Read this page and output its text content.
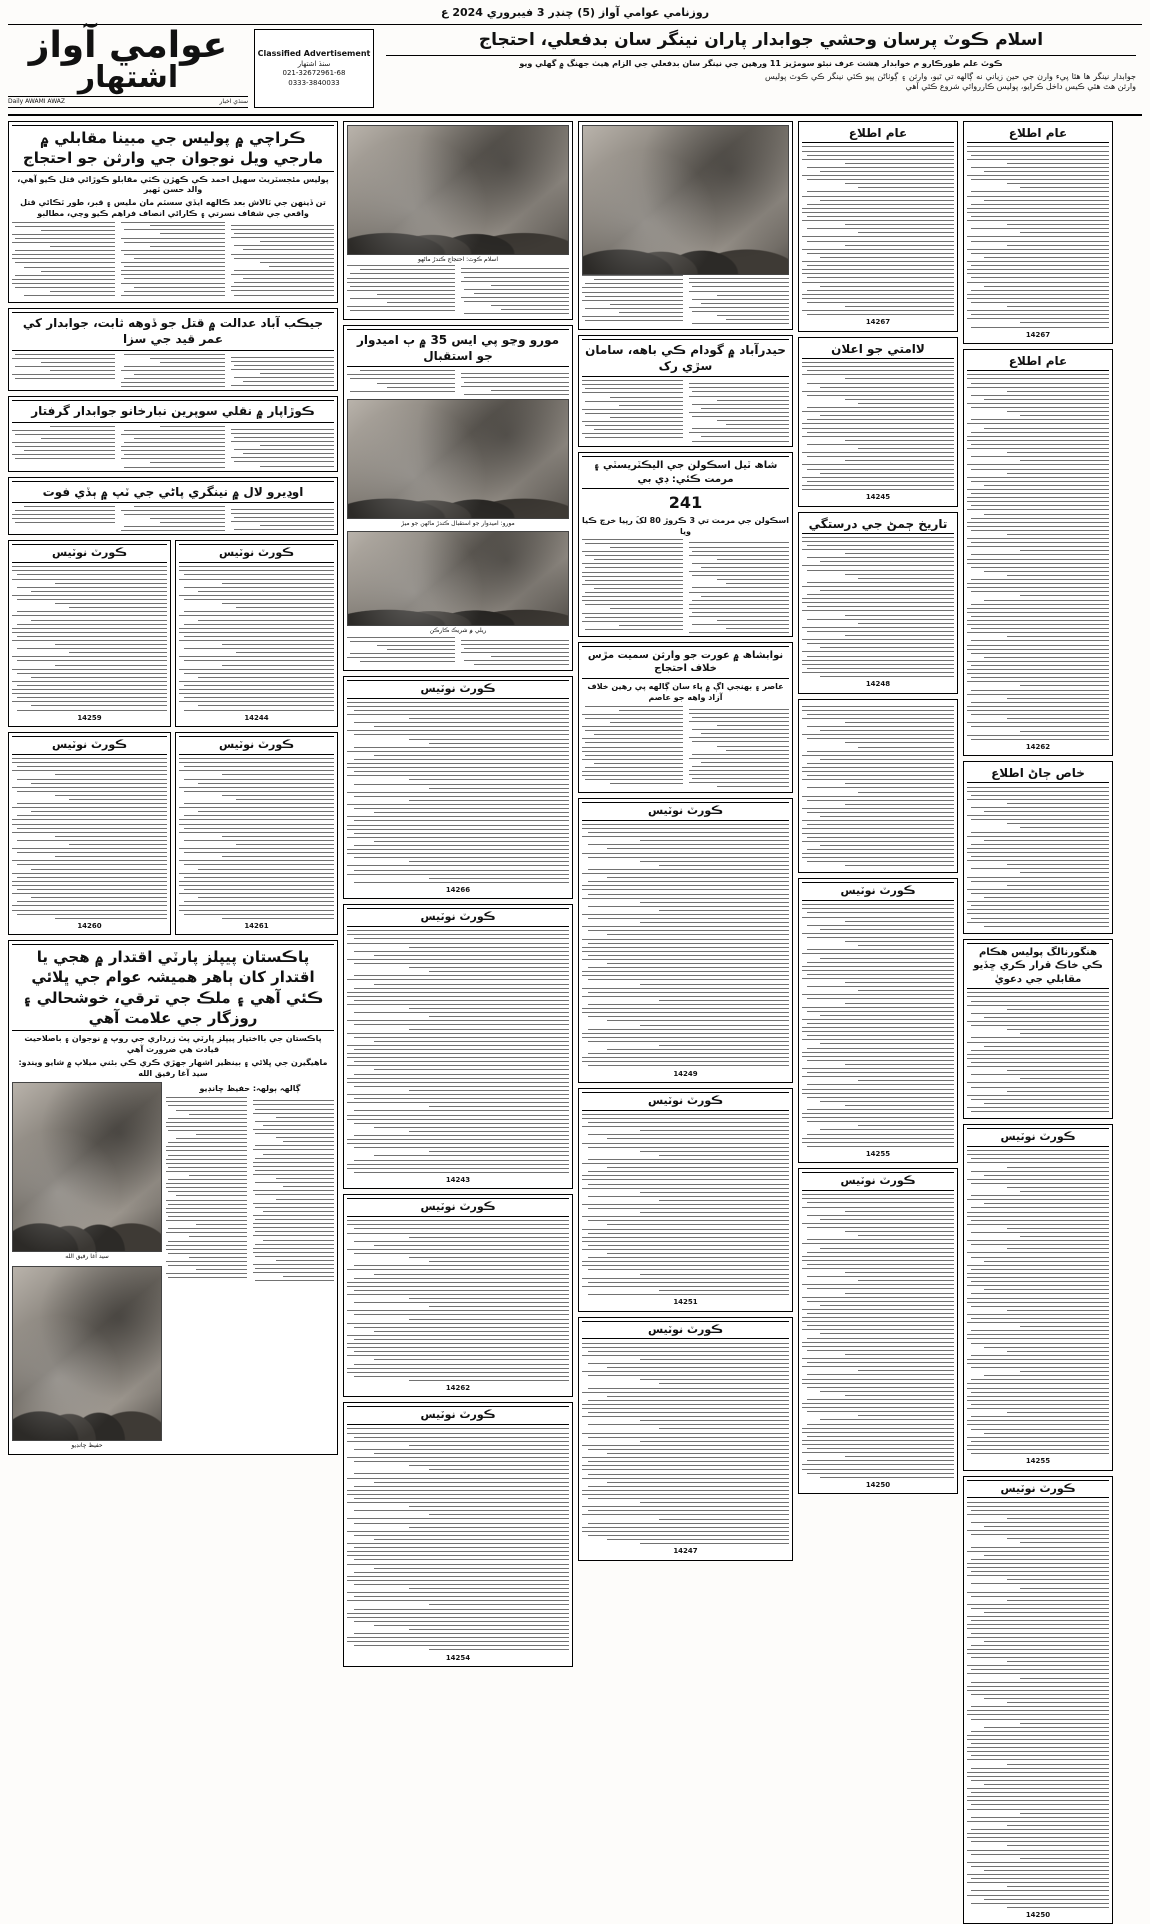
روزنامي عوامي آواز (5) چنڊر 3 فيبروري 2024 ع
عوامي آواز
اشتهار
Daily AWAMI AWAZ	سنڌي اخبار
Classified Advertisement
سنڌ اشتهار
021-32672961-68
0333-3840033
اسلام ڪوٽ پرسان وحشي جوابدار پاران نينگر سان بدفعلي، احتجاج
ڪوٽ علم طورڪارو م خوابدار هشت عرف نبئو سومڙيز 11 ورهين جي نينگر سان بدفعلي جي الزام هيٺ جهنگ ۾ گهلي ويو
جوابدار نينگر ها هئا پيء وارن جي حين زياني نه ڳالهه تي ٿيو، وارثن ۽ ڳوٺاڻن پيو ڪئي نينگر ڪي ڪوٽ پوليس وارثن هٿ هئي ڪيس داخل ڪرايو، پوليس ڪارروائي شروع ڪئي آهي
ڪراچي ۾ پوليس جي مبينا مقابلي ۾ مارجي ويل نوجوان جي وارثن جو احتجاج
پوليس مئجسٽريٽ سهيل احمد ڪي ڪهڙن ڪٽي مقابلو ڪوڙائي قتل ڪيو آهي، والد حسن ٽهير
تن ڏينهن جي ٽالاش بعد ڪالهه ايڏي سسٽم مان مليس ۽ قبر، طور ٽڪائي قتل واقعي جي شفاف نسرتي ۽ ڪارائي انصاف فراهم ڪيو وڃي، مطالبو
جيڪب آباد عدالت ۾ قتل جو ڏوهه ثابت، جوابدار کي عمر قيد جي سزا
ڪوڙاپار ۾ نقلي سوپرين نبارخانو جوابدار گرفتار
اوڍيرو لال ۾ نينگري پاڻي جي ٽپ ۾ ٻڏي فوت
ڪورٽ نوٽيس
14259
ڪورٽ نوٽيس
14244
ڪورٽ نوٽيس
14260
ڪورٽ نوٽيس
14261
پاڪستان پيپلز پارٽي اقتدار ۾ هجي يا اقتدار کان ٻاهر هميشہ عوام جي ڀلائي ڪئي آهي ۽ ملڪ جي ترقي، خوشحالي ۽ روزگار جي علامت آهي
پاڪستان جي بااختيار پيپلز پارٽي پٽ زرداري جي روپ ۾ نوجوان ۽ باصلاحيت قيادت هي ضرورت آهي
ماهيگيرن جي ڀلائي ۽ بينظير اشهار جهڙي ڪري ڪي بئني ميلاپ ۾ شايو ويندو: سيد آغا رفيق الله
سيد آغا رفيق الله
حفيظ چانڊيو
ڳالهہ ٻولهہ: حفيظ چانڊيو
اسلام ڪوٽ: احتجاج ڪندڙ ماڻهو
مورو وڃو پي ايس 35 ۾ ٻ اميدوار جو استقبال
مورو: اميدوار جو استقبال ڪندڙ ماڻهن جو ميڙ
ريلي ۾ شريڪ ڪارڪن
ڪورٽ نوٽيس
14266
ڪورٽ نوٽيس
14243
ڪورٽ نوٽيس
14262
ڪورٽ نوٽيس
14254
حيدرآباد ۾ گودام ڪي باهه، سامان سڙي رک
شاھ ٽيل اسڪولن جي اليڪٽريسٽي ۽ مرمت ڪئي: ڊي بي
241
اسڪولن جي مرمت تي 3 ڪروڙ 80 لکَ رپيا خرچ ڪيا ويا
نوابشاھ ۾ عورت جو وارثن سميت مڙس خلاف احتجاج
عاصر ۽ بهنجي اڳ ۾ پاء سان ڳالهه پي رهين خلاف آزاد واهه جو عاصم
ڪورٽ نوٽيس
14249
ڪورٽ نوٽيس
14251
ڪورٽ نوٽيس
14247
عام اطلاع
14267
لاامتي جو اعلان
14245
تاريخ ڄمڻ جي درستگي
14248
ڪورٽ نوٽيس
14255
ڪورٽ نوٽيس
14250
عام اطلاع
14267
عام اطلاع
14262
خاص ڄاڻ اطلاع
هنگورنالگ پوليس هڪام ڪي خاڪ قرار ڪري ڇڏيو مقابلي جي دعويٰ
ڪورٽ نوٽيس
14255
ڪورٽ نوٽيس
14250
